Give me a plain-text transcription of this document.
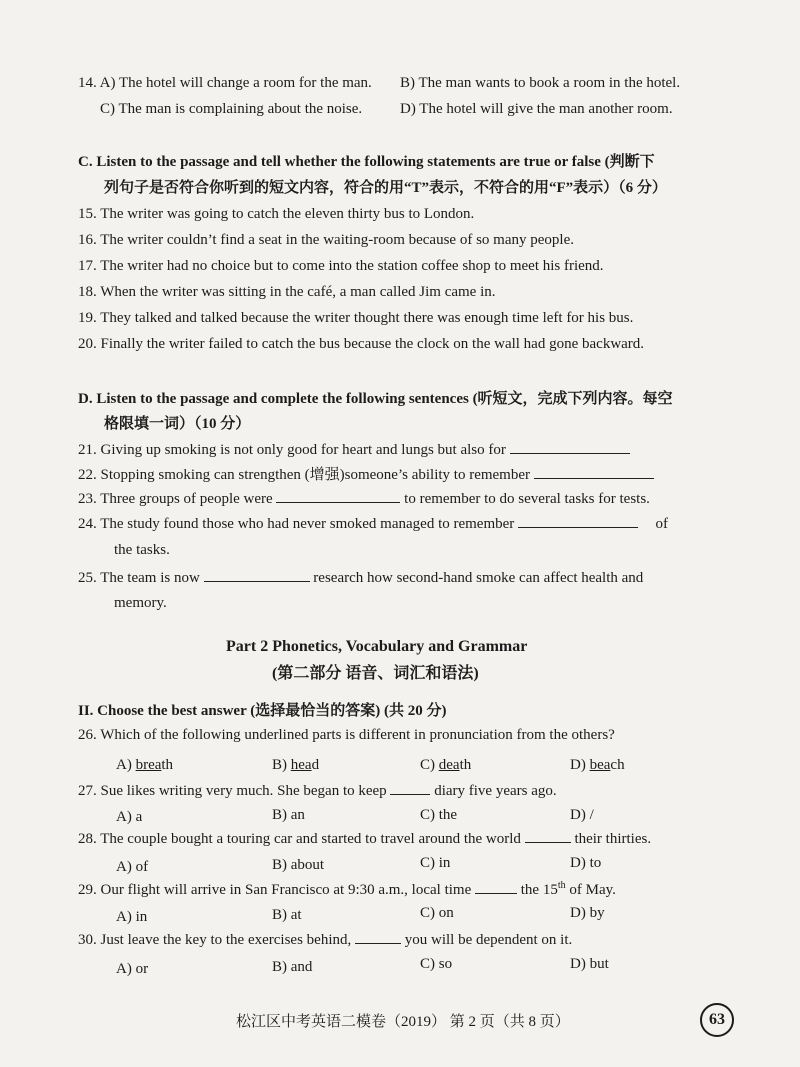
14. A) The hotel will change a room for the man. B) The man wants to book a room in the hotel.
C) The man is complaining about the noise.	D) The hotel will give the man another room.
C. Listen to the passage and tell whether the following statements are true or false (判断下
列句子是否符合你听到的短文内容，符合的用“T”表示，不符合的用“F”表示）（6 分）
15. The writer was going to catch the eleven thirty bus to London.
16. The writer couldn’t find a seat in the waiting-room because of so many people.
17. The writer had no choice but to come into the station coffee shop to meet his friend.
18. When the writer was sitting in the café, a man called Jim came in.
19. They talked and talked because the writer thought there was enough time left for his bus.
20. Finally the writer failed to catch the bus because the clock on the wall had gone backward.
D. Listen to the passage and complete the following sentences (听短文，完成下列内容。每空
格限填一词）（10 分）
21. Giving up smoking is not only good for heart and lungs but also for
22. Stopping smoking can strengthen (增强)someone’s ability to remember
23. Three groups of people were	to remember to do several tasks for tests.
24. The study found those who had never smoked managed to remember	of
the tasks.
25. The team is now	research how second-hand smoke can affect health and
memory.
Part 2 Phonetics, Vocabulary and Grammar
(第二部分 语音、词汇和语法)
II. Choose the best answer (选择最恰当的答案) (共 20 分)
26. Which of the following underlined parts is different in pronunciation from the others?
A) breath	B) head	C) death	D) beach
27. Sue likes writing very much. She began to keep	diary five years ago.
A) a	B) an	C) the	D) /
28. The couple bought a touring car and started to travel around the world	their thirties.
A) of	B) about	C) in	D) to
29. Our flight will arrive in San Francisco at 9:30 a.m., local time	the 15th of May.
A) in	B) at	C) on	D) by
30. Just leave the key to the exercises behind,	you will be dependent on it.
A) or	B) and	C) so	D) but
松江区中考英语二模卷（2019） 第 2 页（共 8 页）	63
